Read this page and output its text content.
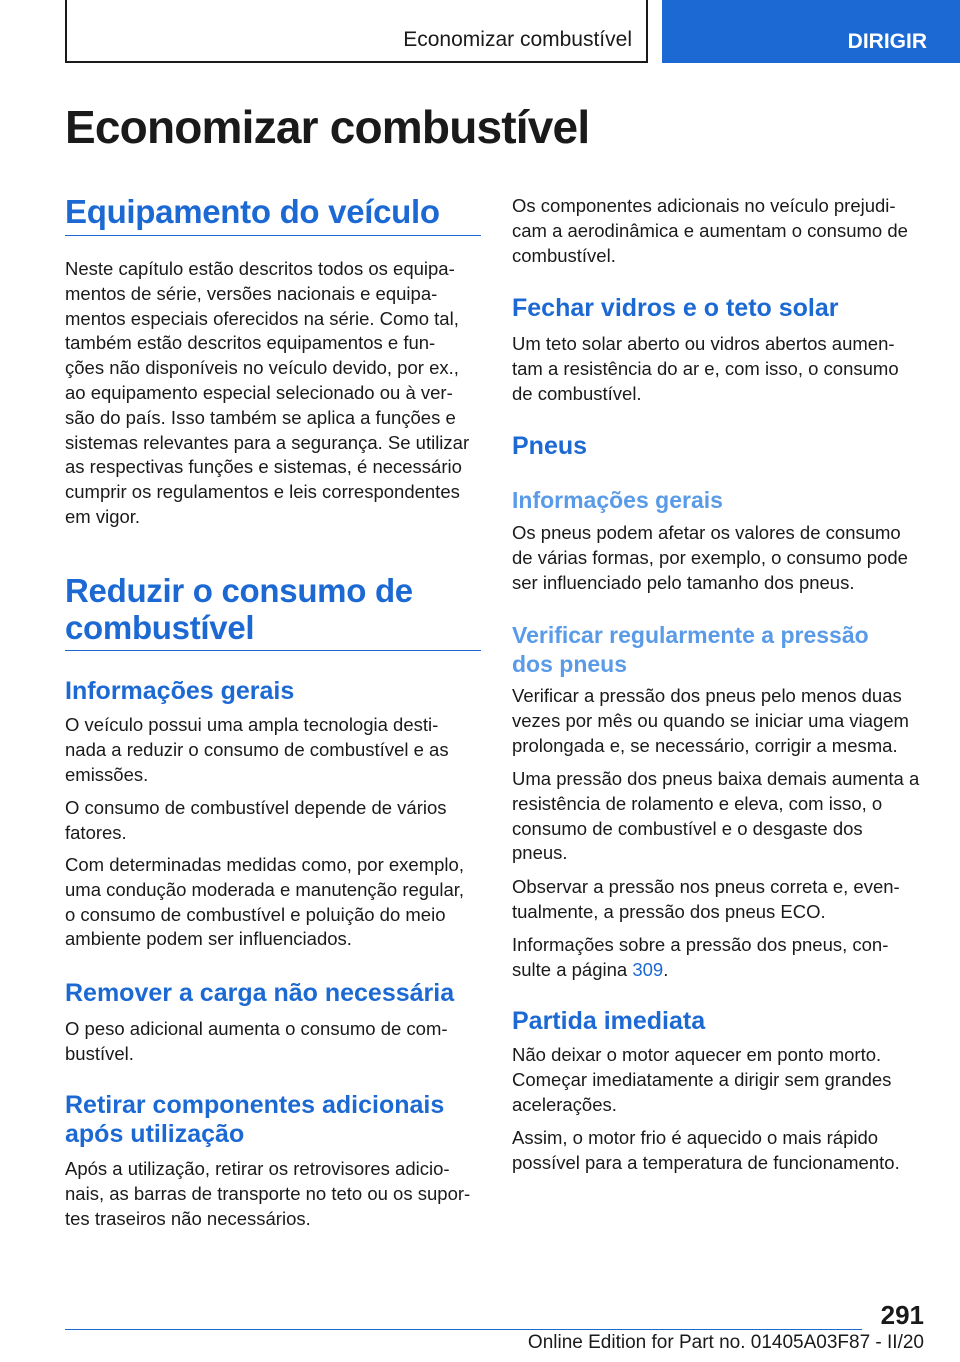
Economizar combustível	DIRIGIR
Economizar combustível
Equipamento do veículo

Neste capítulo estão descritos todos os equipa-
mentos de série, versões nacionais e equipa-
mentos especiais oferecidos na série. Como tal,
também estão descritos equipamentos e fun-
ções não disponíveis no veículo devido, por ex.,
ao equipamento especial selecionado ou à ver-
são do país. Isso também se aplica a funções e
sistemas relevantes para a segurança. Se utilizar
as respectivas funções e sistemas, é necessário
cumprir os regulamentos e leis correspondentes
em vigor.

Reduzir o consumo de
combustível
Informações gerais

O veículo possui uma ampla tecnologia desti-
nada a reduzir o consumo de combustível e as
emissões.

O consumo de combustível depende de vários
fatores.

Com determinadas medidas como, por exemplo,
uma condução moderada e manutenção regular,
o consumo de combustível e poluição do meio
ambiente podem ser influenciados.

Remover a carga não necessária

O peso adicional aumenta o consumo de com-
bustível.

Retirar componentes adicionais
após utilização

Após a utilização, retirar os retrovisores adicio-
nais, as barras de transporte no teto ou os supor-
tes traseiros não necessários.

Os componentes adicionais no veículo prejudi-
cam a aerodinâmica e aumentam o consumo de
combustível.

Fechar vidros e o teto solar

Um teto solar aberto ou vidros abertos aumen-
tam a resistência do ar e, com isso, o consumo
de combustível.

Pneus
Informações gerais

Os pneus podem afetar os valores de consumo
de várias formas, por exemplo, o consumo pode
ser influenciado pelo tamanho dos pneus.

Verificar regularmente a pressão
dos pneus

Verificar a pressão dos pneus pelo menos duas
vezes por mês ou quando se iniciar uma viagem
prolongada e, se necessário, corrigir a mesma.

Uma pressão dos pneus baixa demais aumenta a
resistência de rolamento e eleva, com isso, o
consumo de combustível e o desgaste dos
pneus.

Observar a pressão nos pneus correta e, even-
tualmente, a pressão dos pneus ECO.

Informações sobre a pressão dos pneus, con-
sulte a página 309.

Partida imediata

Não deixar o motor aquecer em ponto morto.
Começar imediatamente a dirigir sem grandes
acelerações.

Assim, o motor frio é aquecido o mais rápido
possível para a temperatura de funcionamento.

291
Online Edition for Part no. 01405A03F87 - II/20
